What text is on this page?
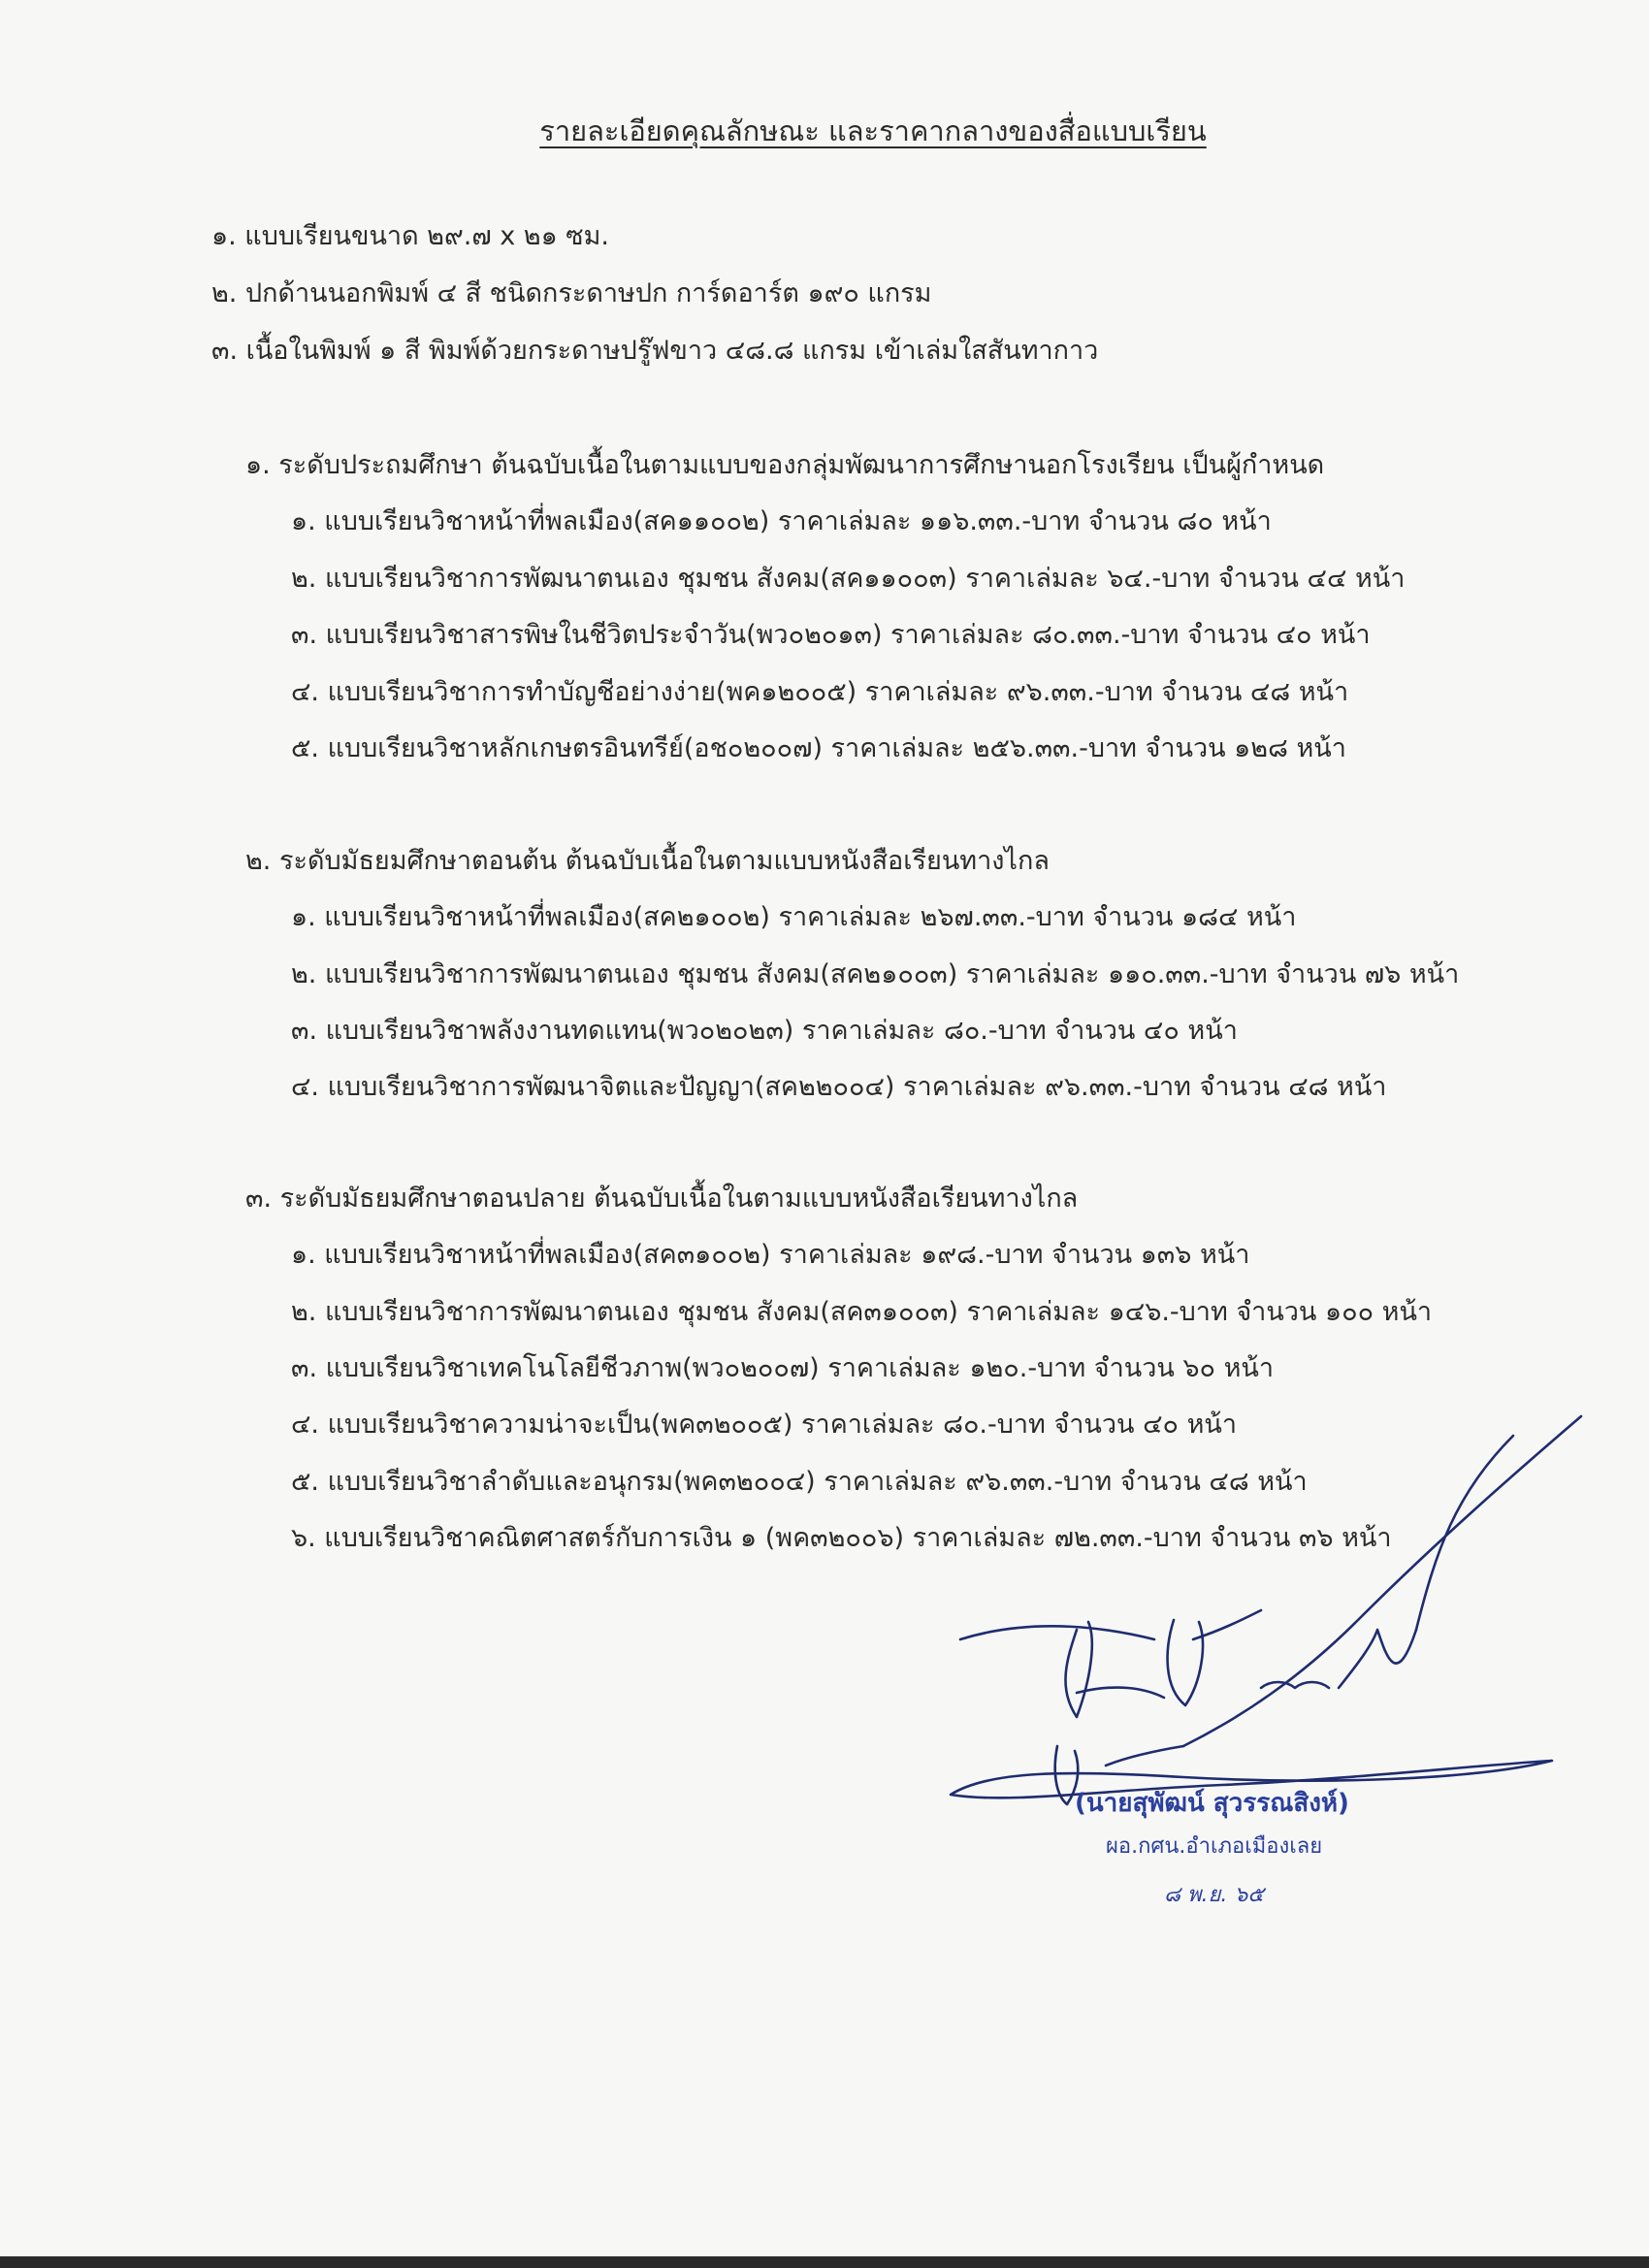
รายละเอียดคุณลักษณะ และราคากลางของสื่อแบบเรียน
๑. แบบเรียนขนาด ๒๙.๗ x ๒๑ ซม.
๒. ปกด้านนอกพิมพ์ ๔ สี ชนิดกระดาษปก การ์ดอาร์ต ๑๙๐ แกรม
๓. เนื้อในพิมพ์ ๑ สี พิมพ์ด้วยกระดาษปรู๊ฟขาว ๔๘.๘ แกรม เข้าเล่มใสสันทากาว
๑. ระดับประถมศึกษา ต้นฉบับเนื้อในตามแบบของกลุ่มพัฒนาการศึกษานอกโรงเรียน เป็นผู้กำหนด
๑. แบบเรียนวิชาหน้าที่พลเมือง(สค๑๑๐๐๒) ราคาเล่มละ ๑๑๖.๓๓.-บาท จำนวน ๘๐ หน้า
๒. แบบเรียนวิชาการพัฒนาตนเอง ชุมชน สังคม(สค๑๑๐๐๓) ราคาเล่มละ ๖๔.-บาท จำนวน ๔๔ หน้า
๓. แบบเรียนวิชาสารพิษในชีวิตประจำวัน(พว๐๒๐๑๓) ราคาเล่มละ ๘๐.๓๓.-บาท จำนวน ๔๐ หน้า
๔. แบบเรียนวิชาการทำบัญชีอย่างง่าย(พค๑๒๐๐๕) ราคาเล่มละ ๙๖.๓๓.-บาท จำนวน ๔๘ หน้า
๕. แบบเรียนวิชาหลักเกษตรอินทรีย์(อช๐๒๐๐๗) ราคาเล่มละ ๒๕๖.๓๓.-บาท จำนวน ๑๒๘ หน้า
๒. ระดับมัธยมศึกษาตอนต้น ต้นฉบับเนื้อในตามแบบหนังสือเรียนทางไกล
๑. แบบเรียนวิชาหน้าที่พลเมือง(สค๒๑๐๐๒) ราคาเล่มละ ๒๖๗.๓๓.-บาท จำนวน ๑๘๔ หน้า
๒. แบบเรียนวิชาการพัฒนาตนเอง ชุมชน สังคม(สค๒๑๐๐๓) ราคาเล่มละ ๑๑๐.๓๓.-บาท จำนวน ๗๖ หน้า
๓. แบบเรียนวิชาพลังงานทดแทน(พว๐๒๐๒๓) ราคาเล่มละ ๘๐.-บาท จำนวน ๔๐ หน้า
๔. แบบเรียนวิชาการพัฒนาจิตและปัญญา(สค๒๒๐๐๔) ราคาเล่มละ ๙๖.๓๓.-บาท จำนวน ๔๘ หน้า
๓. ระดับมัธยมศึกษาตอนปลาย ต้นฉบับเนื้อในตามแบบหนังสือเรียนทางไกล
๑. แบบเรียนวิชาหน้าที่พลเมือง(สค๓๑๐๐๒) ราคาเล่มละ ๑๙๘.-บาท จำนวน ๑๓๖ หน้า
๒. แบบเรียนวิชาการพัฒนาตนเอง ชุมชน สังคม(สค๓๑๐๐๓) ราคาเล่มละ ๑๔๖.-บาท จำนวน ๑๐๐ หน้า
๓. แบบเรียนวิชาเทคโนโลยีชีวภาพ(พว๐๒๐๐๗) ราคาเล่มละ ๑๒๐.-บาท จำนวน ๖๐ หน้า
๔. แบบเรียนวิชาความน่าจะเป็น(พค๓๒๐๐๕) ราคาเล่มละ ๘๐.-บาท จำนวน ๔๐ หน้า
๕. แบบเรียนวิชาลำดับและอนุกรม(พค๓๒๐๐๔) ราคาเล่มละ ๙๖.๓๓.-บาท จำนวน ๔๘ หน้า
๖. แบบเรียนวิชาคณิตศาสตร์กับการเงิน ๑ (พค๓๒๐๐๖) ราคาเล่มละ ๗๒.๓๓.-บาท จำนวน ๓๖ หน้า
(นายสุพัฒน์ สุวรรณสิงห์)
ผอ.กศน.อำเภอเมืองเลย
๘ พ.ย. ๖๕
